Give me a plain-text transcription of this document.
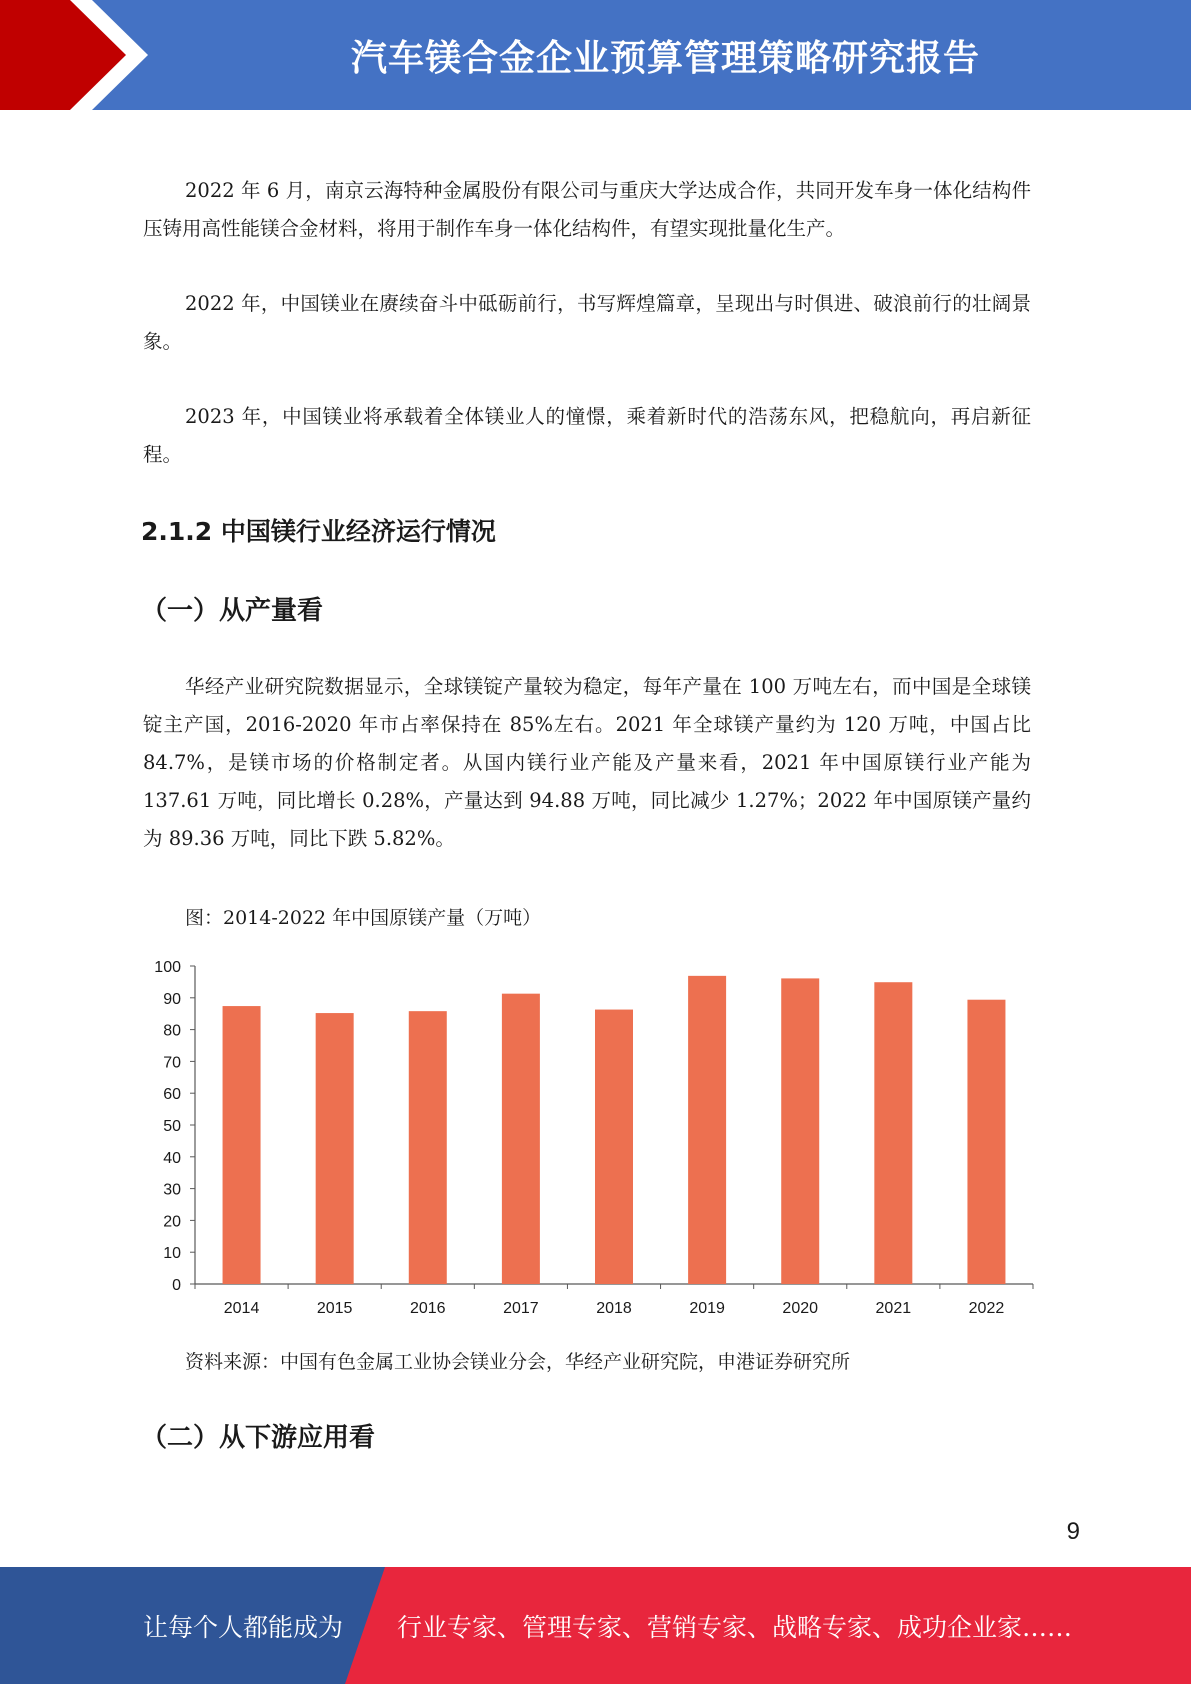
汽车镁合金企业预算管理策略研究报告

2022 年 6 月，南京云海特种金属股份有限公司与重庆大学达成合作，共同开发车身一体化结构件压铸用高性能镁合金材料，将用于制作车身一体化结构件，有望实现批量化生产。

2022 年，中国镁业在赓续奋斗中砥砺前行，书写辉煌篇章，呈现出与时俱进、破浪前行的壮阔景象。

2023 年，中国镁业将承载着全体镁业人的憧憬，乘着新时代的浩荡东风，把稳航向，再启新征程。

2.1.2 中国镁行业经济运行情况
（一）从产量看

华经产业研究院数据显示，全球镁锭产量较为稳定，每年产量在 100 万吨左右，而中国是全球镁锭主产国，2016-2020 年市占率保持在 85%左右。2021 年全球镁产量约为 120 万吨，中国占比 84.7%，是镁市场的价格制定者。从国内镁行业产能及产量来看，2021 年中国原镁行业产能为 137.61 万吨，同比增长 0.28%，产量达到 94.88 万吨，同比减少 1.27%；2022 年中国原镁产量约为 89.36 万吨，同比下跌 5.82%。

图：2014-2022 年中国原镁产量（万吨）

0
10
20
30
40
50
60
70
80
90
100
2014	2015	2016	2017	2018	2019	2020	2021	2022

资料来源：中国有色金属工业协会镁业分会，华经产业研究院，申港证券研究所

（二）从下游应用看
9
让每个人都能成为 行业专家、管理专家、营销专家、战略专家、成功企业家……
